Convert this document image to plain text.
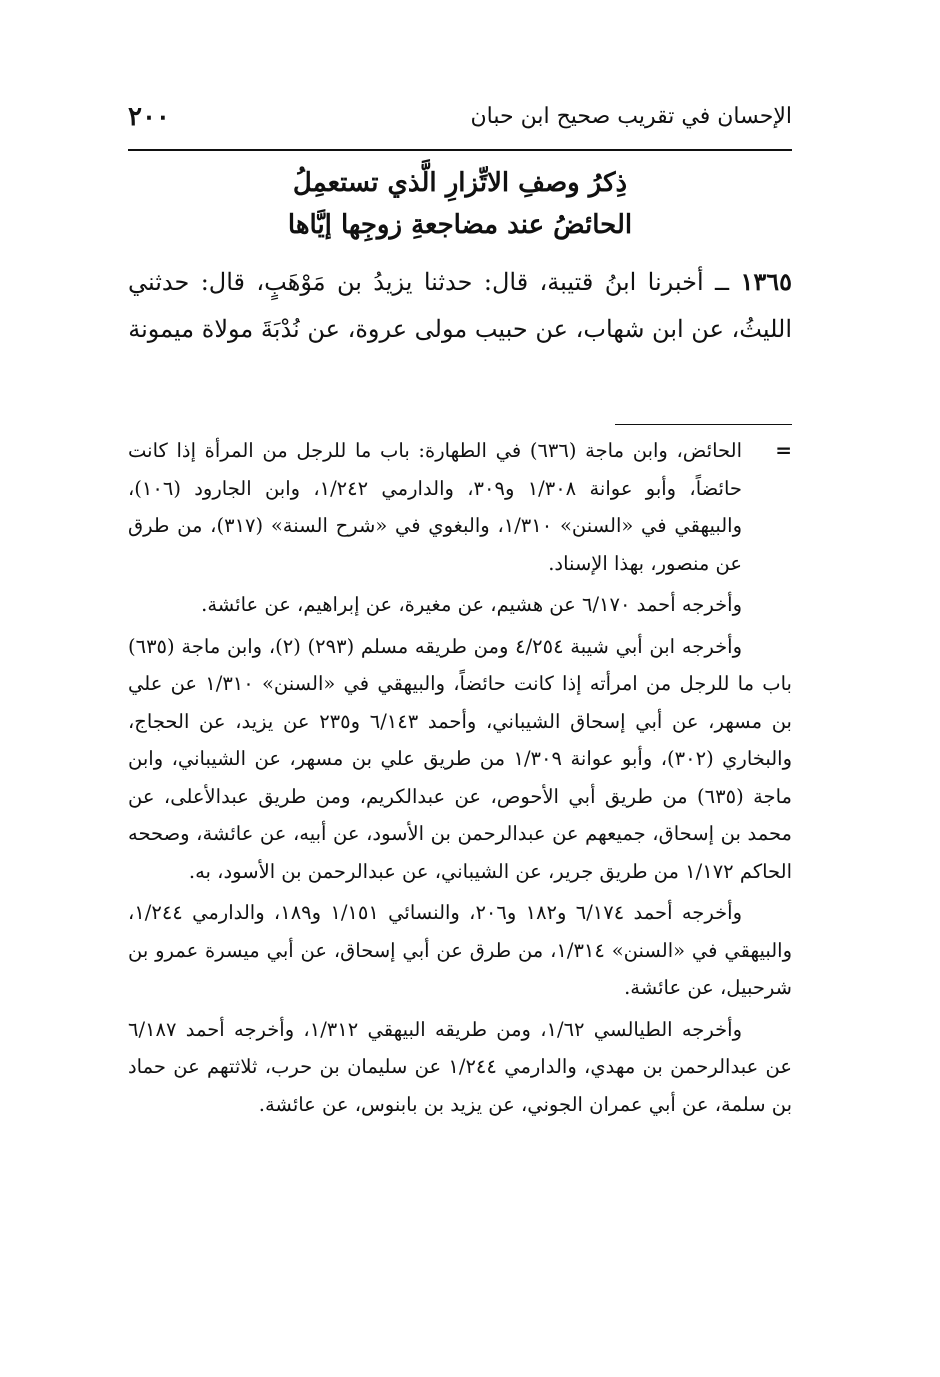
الإحسان في تقريب صحيح ابن حبان
٢٠٠
ذِكرُ وصفِ الاتِّزارِ الَّذي تستعمِلُ
الحائضُ عند مضاجعةِ زوجِها إيَّاها
١٣٦٥ ــ أخبرنا ابنُ قتيبة، قال: حدثنا يزيدُ بن مَوْهَبٍ، قال: حدثني الليثُ، عن ابن شهاب، عن حبيب مولى عروة، عن نُدْبَةَ مولاة ميمونة

=
الحائض، وابن ماجة (٦٣٦) في الطهارة: باب ما للرجل من المرأة إذا كانت حائضاً، وأبو عوانة ١/٣٠٨ و٣٠٩، والدارمي ١/٢٤٢، وابن الجارود (١٠٦)، والبيهقي في «السنن» ١/٣١٠، والبغوي في «شرح السنة» (٣١٧)، من طرق عن منصور، بهذا الإسناد.

وأخرجه أحمد ٦/١٧٠ عن هشيم، عن مغيرة، عن إبراهيم، عن عائشة.

وأخرجه ابن أبي شيبة ٤/٢٥٤ ومن طريقه مسلم (٢٩٣) (٢)، وابن ماجة (٦٣٥) باب ما للرجل من امرأته إذا كانت حائضاً، والبيهقي في «السنن» ١/٣١٠ عن علي بن مسهر، عن أبي إسحاق الشيباني، وأحمد ٦/١٤٣ و٢٣٥ عن يزيد، عن الحجاج، والبخاري (٣٠٢)، وأبو عوانة ١/٣٠٩ من طريق علي بن مسهر، عن الشيباني، وابن ماجة (٦٣٥) من طريق أبي الأحوص، عن عبدالكريم، ومن طريق عبدالأعلى، عن محمد بن إسحاق، جميعهم عن عبدالرحمن بن الأسود، عن أبيه، عن عائشة، وصححه الحاكم ١/١٧٢ من طريق جرير، عن الشيباني، عن عبدالرحمن بن الأسود، به.

وأخرجه أحمد ٦/١٧٤ و١٨٢ و٢٠٦، والنسائي ١/١٥١ و١٨٩، والدارمي ١/٢٤٤، والبيهقي في «السنن» ١/٣١٤، من طرق عن أبي إسحاق، عن أبي ميسرة عمرو بن شرحبيل، عن عائشة.

وأخرجه الطيالسي ١/٦٢، ومن طريقه البيهقي ١/٣١٢، وأخرجه أحمد ٦/١٨٧ عن عبدالرحمن بن مهدي، والدارمي ١/٢٤٤ عن سليمان بن حرب، ثلاثتهم عن حماد بن سلمة، عن أبي عمران الجوني، عن يزيد بن بابنوس، عن عائشة.
